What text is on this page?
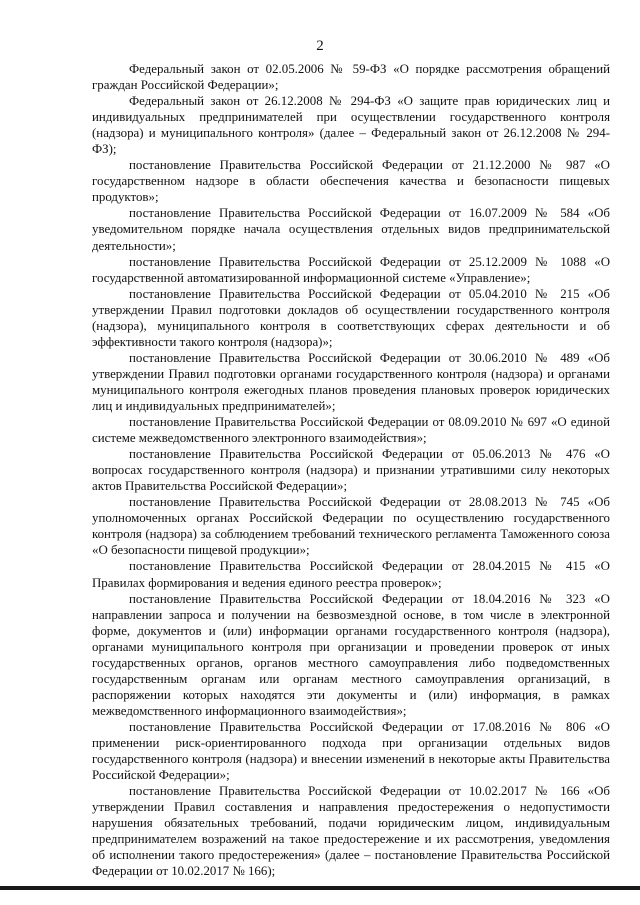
2

Федеральный закон от 02.05.2006 № 59-ФЗ «О порядке рассмотрения обращений граждан Российской Федерации»;

Федеральный закон от 26.12.2008 № 294-ФЗ «О защите прав юридических лиц и индивидуальных предпринимателей при осуществлении государственного контроля (надзора) и муниципального контроля» (далее – Федеральный закон от 26.12.2008 № 294-ФЗ);

постановление Правительства Российской Федерации от 21.12.2000 № 987 «О государственном надзоре в области обеспечения качества и безопасности пищевых продуктов»;

постановление Правительства Российской Федерации от 16.07.2009 № 584 «Об уведомительном порядке начала осуществления отдельных видов предпринимательской деятельности»;

постановление Правительства Российской Федерации от 25.12.2009 № 1088 «О государственной автоматизированной информационной системе «Управление»;

постановление Правительства Российской Федерации от 05.04.2010 № 215 «Об утверждении Правил подготовки докладов об осуществлении государственного контроля (надзора), муниципального контроля в соответствующих сферах деятельности и об эффективности такого контроля (надзора)»;

постановление Правительства Российской Федерации от 30.06.2010 № 489 «Об утверждении Правил подготовки органами государственного контроля (надзора) и органами муниципального контроля ежегодных планов проведения плановых проверок юридических лиц и индивидуальных предпринимателей»;

постановление Правительства Российской Федерации от 08.09.2010 № 697 «О единой системе межведомственного электронного взаимодействия»;

постановление Правительства Российской Федерации от 05.06.2013 № 476 «О вопросах государственного контроля (надзора) и признании утратившими силу некоторых актов Правительства Российской Федерации»;

постановление Правительства Российской Федерации от 28.08.2013 № 745 «Об уполномоченных органах Российской Федерации по осуществлению государственного контроля (надзора) за соблюдением требований технического регламента Таможенного союза «О безопасности пищевой продукции»;

постановление Правительства Российской Федерации от 28.04.2015 № 415 «О Правилах формирования и ведения единого реестра проверок»;

постановление Правительства Российской Федерации от 18.04.2016 № 323 «О направлении запроса и получении на безвозмездной основе, в том числе в электронной форме, документов и (или) информации органами государственного контроля (надзора), органами муниципального контроля при организации и проведении проверок от иных государственных органов, органов местного самоуправления либо подведомственных государственным органам или органам местного самоуправления организаций, в распоряжении которых находятся эти документы и (или) информация, в рамках межведомственного информационного взаимодействия»;

постановление Правительства Российской Федерации от 17.08.2016 № 806 «О применении риск-ориентированного подхода при организации отдельных видов государственного контроля (надзора) и внесении изменений в некоторые акты Правительства Российской Федерации»;

постановление Правительства Российской Федерации от 10.02.2017 № 166 «Об утверждении Правил составления и направления предостережения о недопустимости нарушения обязательных требований, подачи юридическим лицом, индивидуальным предпринимателем возражений на такое предостережение и их рассмотрения, уведомления об исполнении такого предостережения» (далее – постановление Правительства Российской Федерации от 10.02.2017 № 166);
